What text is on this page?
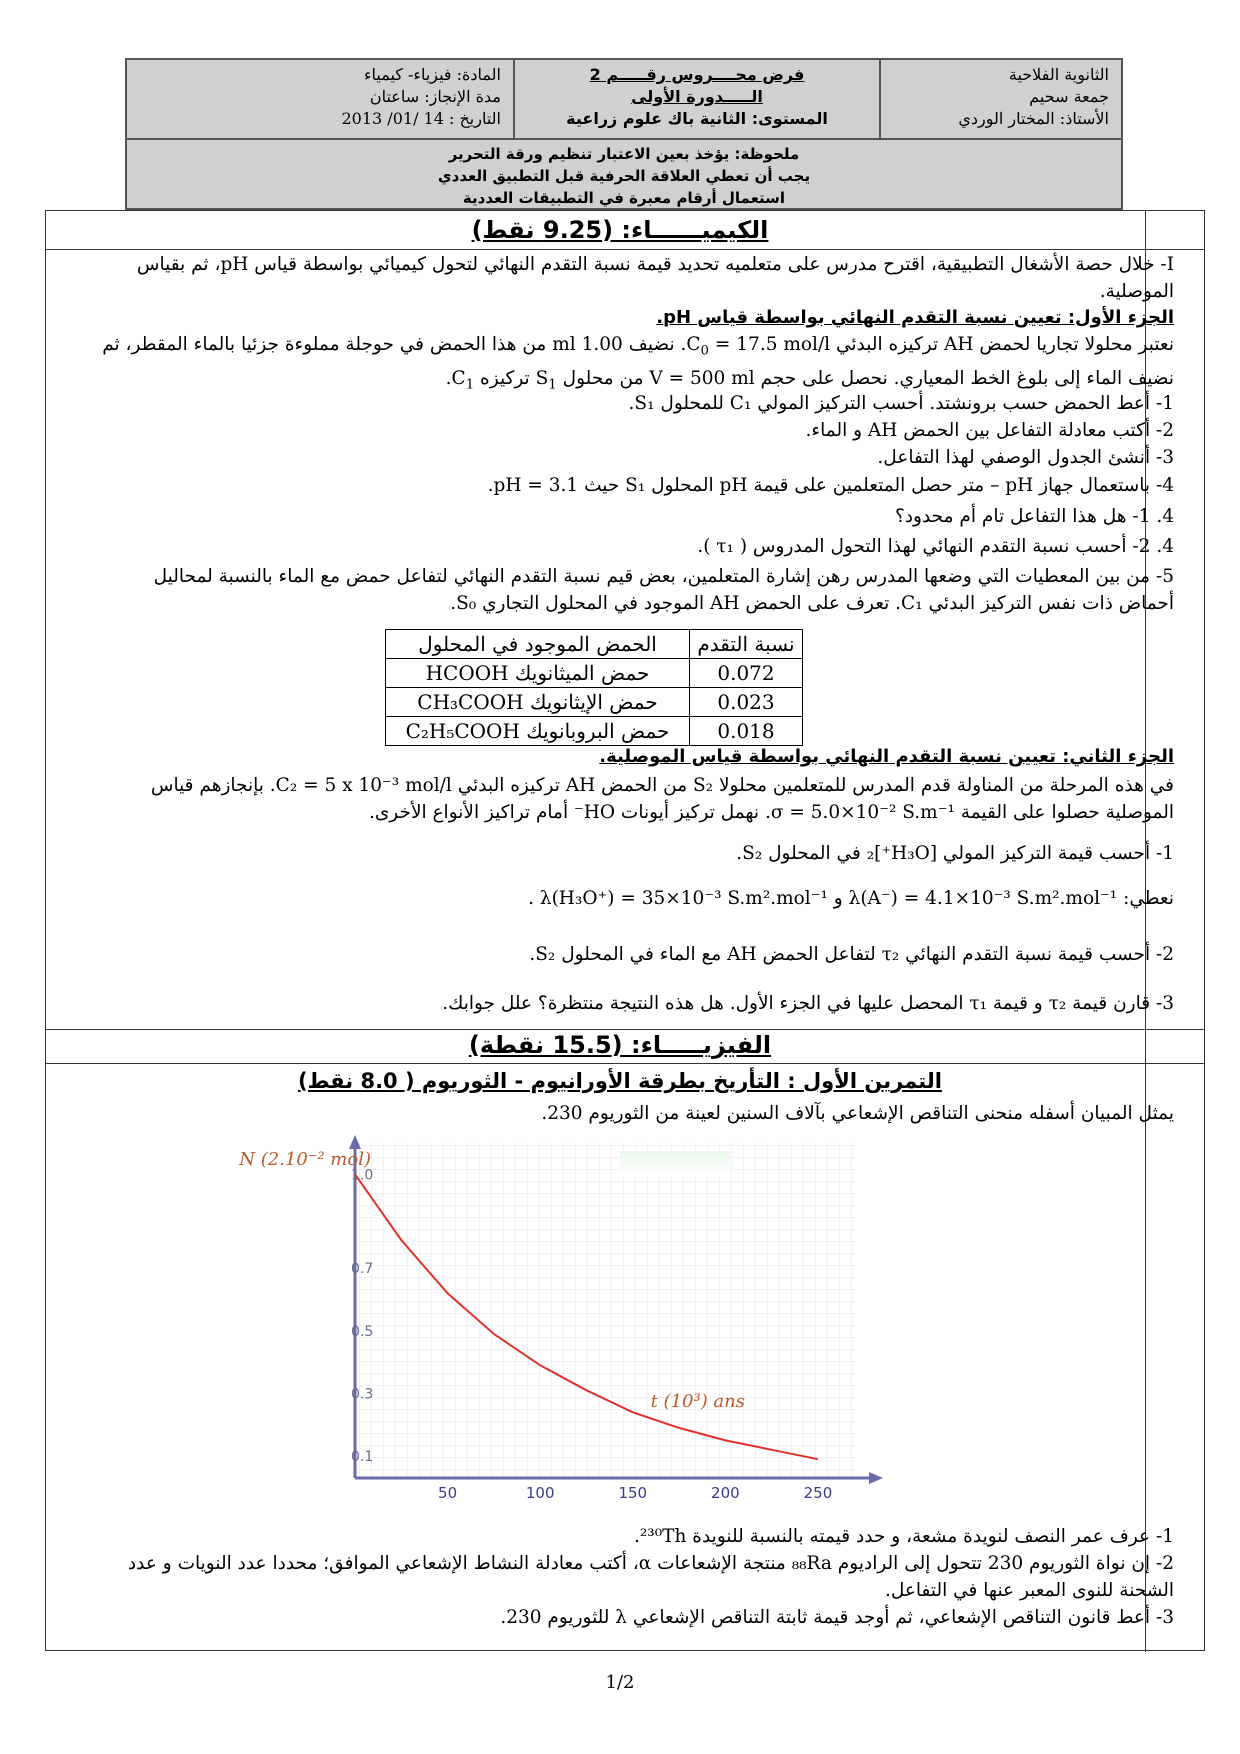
الثانوية الفلاحية
جمعة سحيم
الأستاذ: المختار الوردي
فرض محــــروس رقـــــم 2
الـــــدورة الأولى
المستوى: الثانية باك علوم زراعية
المادة: فيزياء- كيمياء
مدة الإنجاز: ساعتان
التاريخ : 14 /01/ 2013
ملحوظة: يؤخذ بعين الاعتبار تنظيم ورقة التحرير
يجب أن تعطي العلاقة الحرفية قبل التطبيق العددي
استعمال أرقام معبرة في التطبيقات العددية
الكيميــــــاء: (9.25 نقط)
I- خلال حصة الأشغال التطبيقية، اقترح مدرس على متعلميه تحديد قيمة نسبة التقدم النهائي لتحول كيميائي بواسطة قياس pH، ثم بقياس الموصلية.
الجزء الأول: تعيين نسبة التقدم النهائي بواسطة قياس pH.
نعتبر محلولا تجاريا لحمض AH تركيزه البدئي $C_0 = 17.5$ mol/l. نضيف 1.00 ml من هذا الحمض في حوجلة مملوءة جزئيا بالماء المقطر، ثم نضيف الماء إلى بلوغ الخط المعياري. نحصل على حجم V = 500 ml من محلول $S_1$ تركيزه $C_1$.
1- أعط الحمض حسب برونشتد. أحسب التركيز المولي C₁ للمحلول S₁.
2- أكتب معادلة التفاعل بين الحمض AH و الماء.
3- أنشئ الجدول الوصفي لهذا التفاعل.
4- باستعمال جهاز pH – متر حصل المتعلمين على قيمة pH المحلول S₁ حيث pH = 3.1.
4. 1- هل هذا التفاعل تام أم محدود؟
4. 2- أحسب نسبة التقدم النهائي لهذا التحول المدروس ( τ₁ ).
5- من بين المعطيات التي وضعها المدرس رهن إشارة المتعلمين، بعض قيم نسبة التقدم النهائي لتفاعل حمض مع الماء بالنسبة لمحاليل أحماض ذات نفس التركيز البدئي C₁. تعرف على الحمض AH الموجود في المحلول التجاري S₀.
نسبة التقدم	الحمض الموجود في المحلول
0.072	حمض الميثانويك HCOOH
0.023	حمض الإيثانويك CH₃COOH
0.018	حمض البروبانويك C₂H₅COOH
الجزء الثاني: تعيين نسبة التقدم النهائي بواسطة قياس الموصلية.
في هذه المرحلة من المناولة قدم المدرس للمتعلمين محلولا S₂ من الحمض AH تركيزه البدئي C₂ = 5 x 10⁻³ mol/l. بإنجازهم قياس الموصلية حصلوا على القيمة σ = 5.0×10⁻² S.m⁻¹. نهمل تركيز أيونات HO⁻ أمام تراكيز الأنواع الأخرى.
1- أحسب قيمة التركيز المولي [H₃O⁺]₂ في المحلول S₂.
نعطي: λ(A⁻) = 4.1×10⁻³ S.m².mol⁻¹ و λ(H₃O⁺) = 35×10⁻³ S.m².mol⁻¹ .
2- أحسب قيمة نسبة التقدم النهائي τ₂ لتفاعل الحمض AH مع الماء في المحلول S₂.
3- قارن قيمة τ₂ و قيمة τ₁ المحصل عليها في الجزء الأول. هل هذه النتيجة منتظرة؟ علل جوابك.
الفيزيـــــاء: (15.5 نقطة)
التمرين الأول : التأريخ بطرقة الأورانيوم - الثوريوم ( 8.0 نقط)
يمثل المبيان أسفله منحنى التناقص الإشعاعي بآلاف السنين لعينة من الثوريوم 230.
50	100	150	200	250
1.0
0.7
0.5
0.3
0.1
N (2.10⁻² mol)
t (10³) ans
1- عرف عمر النصف لنويدة مشعة، و حدد قيمته بالنسبة للنويدة ²³⁰Th.
2- إن نواة الثوريوم 230 تتحول إلى الراديوم ₈₈Ra منتجة الإشعاعات α، أكتب معادلة النشاط الإشعاعي الموافق؛ محددا عدد النويات و عدد الشحنة للنوى المعبر عنها في التفاعل.
3- أعط قانون التناقص الإشعاعي، ثم أوجد قيمة ثابتة التناقص الإشعاعي λ للثوريوم 230.
1/2
